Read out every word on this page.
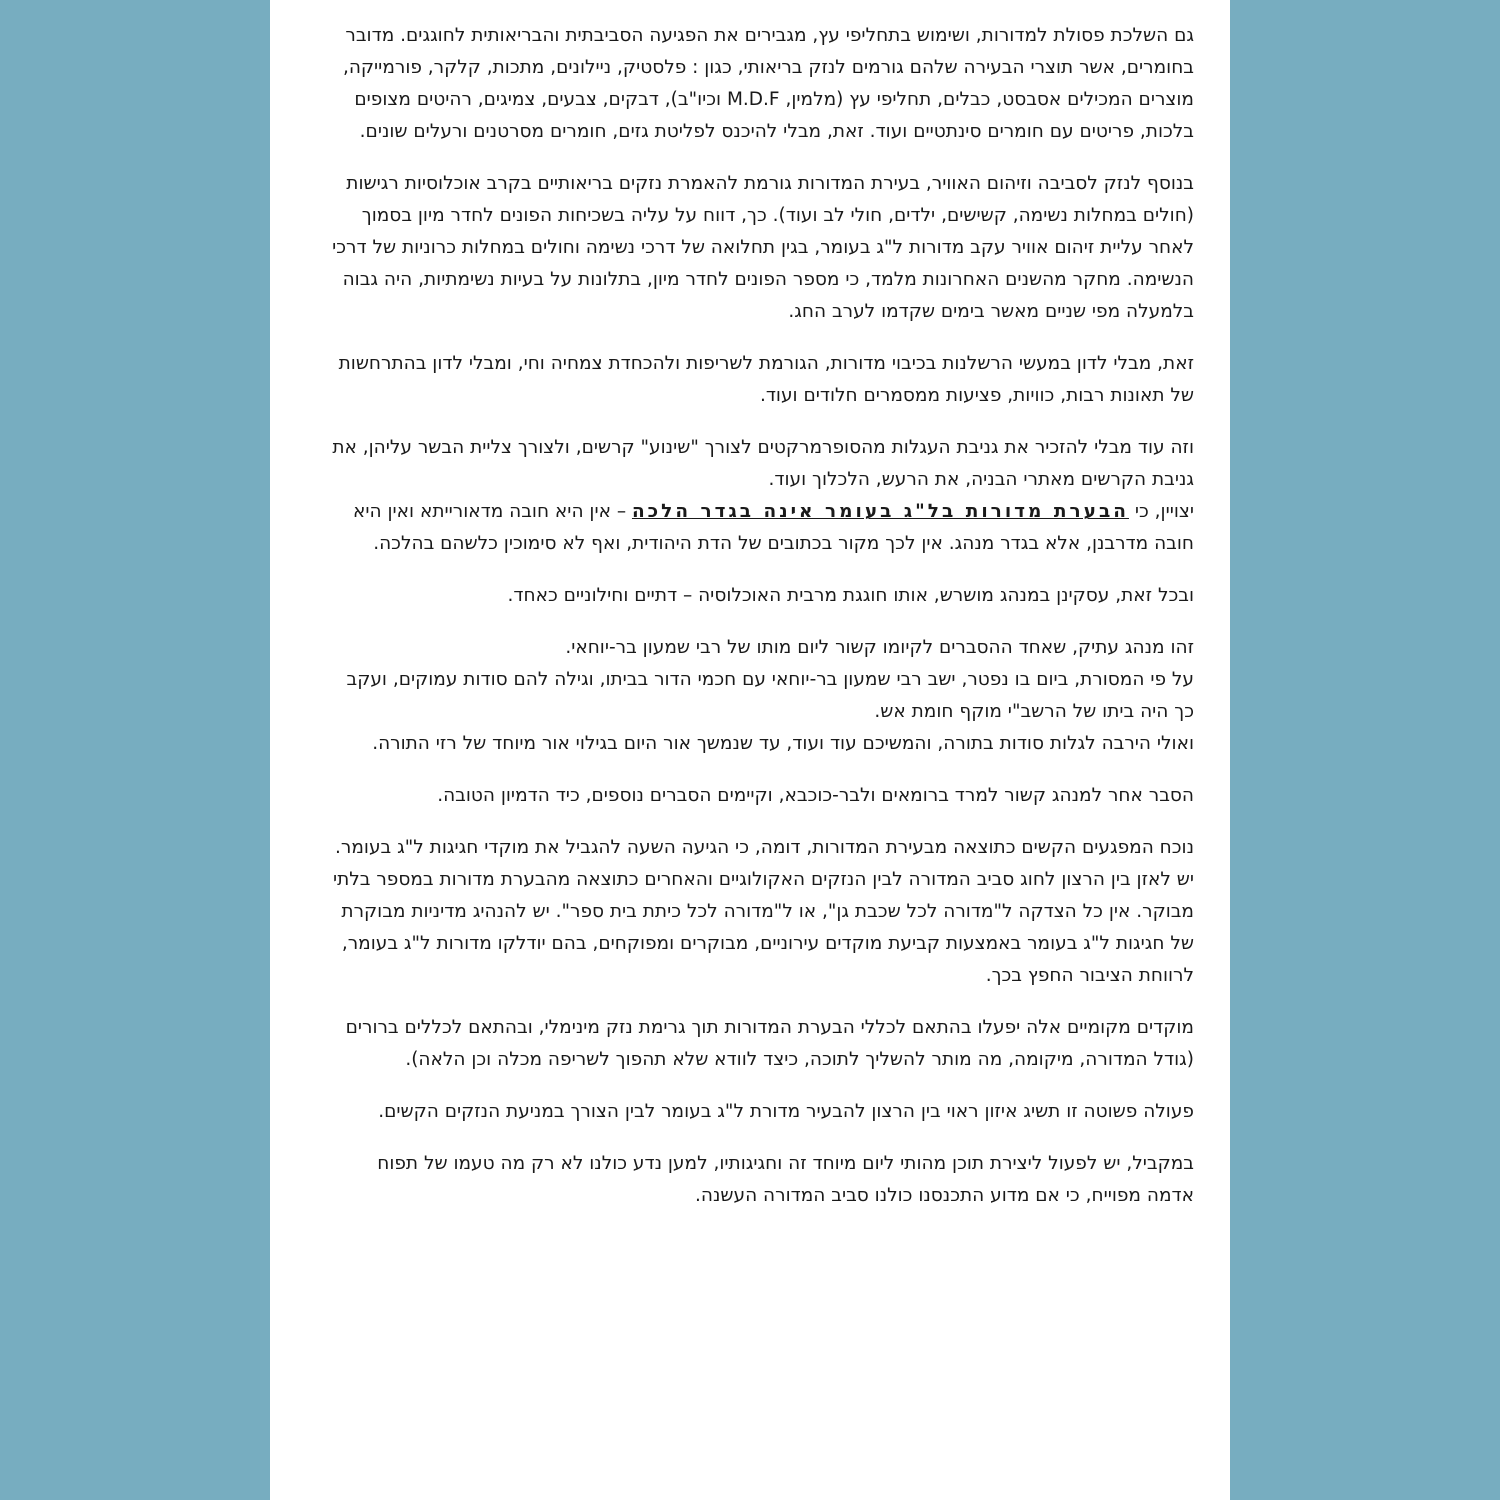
גם השלכת פסולת למדורות, ושימוש בתחליפי עץ, מגבירים את הפגיעה הסביבתית והבריאותית לחוגגים. מדובר בחומרים, אשר תוצרי הבעירה שלהם גורמים לנזק בריאותי, כגון : פלסטיק, ניילונים, מתכות, קלקר, פורמייקה, מוצרים המכילים אסבסט, כבלים, תחליפי עץ (מלמין, M.D.F וכיו"ב), דבקים, צבעים, צמיגים, רהיטים מצופים בלכות, פריטים עם חומרים סינתטיים ועוד. זאת, מבלי להיכנס לפליטת גזים, חומרים מסרטנים ורעלים שונים.

בנוסף לנזק לסביבה וזיהום האוויר, בעירת המדורות גורמת להאמרת נזקים בריאותיים בקרב אוכלוסיות רגישות (חולים במחלות נשימה, קשישים, ילדים, חולי לב ועוד). כך, דווח על עליה בשכיחות הפונים לחדר מיון בסמוך לאחר עליית זיהום אוויר עקב מדורות ל"ג בעומר, בגין תחלואה של דרכי נשימה וחולים במחלות כרוניות של דרכי הנשימה. מחקר מהשנים האחרונות מלמד, כי מספר הפונים לחדר מיון, בתלונות על בעיות נשימתיות, היה גבוה בלמעלה מפי שניים מאשר בימים שקדמו לערב החג.

זאת, מבלי לדון במעשי הרשלנות בכיבוי מדורות, הגורמת לשריפות ולהכחדת צמחיה וחי, ומבלי לדון בהתרחשות של תאונות רבות, כוויות, פציעות ממסמרים חלודים ועוד.

וזה עוד מבלי להזכיר את גניבת העגלות מהסופרמרקטים לצורך "שינוע" קרשים, ולצורך צליית הבשר עליהן, את גניבת הקרשים מאתרי הבניה, את הרעש, הלכלוך ועוד.

יצויין, כי הבערת מדורות בל"ג בעומר אינה בגדר הלכה – אין היא חובה מדאורייתא ואין היא חובה מדרבנן, אלא בגדר מנהג. אין לכך מקור בכתובים של הדת היהודית, ואף לא סימוכין כלשהם בהלכה.

ובכל זאת, עסקינן במנהג מושרש, אותו חוגגת מרבית האוכלוסיה – דתיים וחילוניים כאחד.

זהו מנהג עתיק, שאחד ההסברים לקיומו קשור ליום מותו של רבי שמעון בר-יוחאי.

על פי המסורת, ביום בו נפטר, ישב רבי שמעון בר-יוחאי עם חכמי הדור בביתו, וגילה להם סודות עמוקים, ועקב כך היה ביתו של הרשב"י מוקף חומת אש.

ואולי הירבה לגלות סודות בתורה, והמשיכם עוד ועוד, עד שנמשך אור היום בגילוי אור מיוחד של רזי התורה.

הסבר אחר למנהג קשור למרד ברומאים ולבר-כוכבא, וקיימים הסברים נוספים, כיד הדמיון הטובה.

נוכח המפגעים הקשים כתוצאה מבעירת המדורות, דומה, כי הגיעה השעה להגביל את מוקדי חגיגות ל"ג בעומר. יש לאזן בין הרצון לחוג סביב המדורה לבין הנזקים האקולוגיים והאחרים כתוצאה מהבערת מדורות במספר בלתי מבוקר. אין כל הצדקה ל"מדורה לכל שכבת גן", או ל"מדורה לכל כיתת בית ספר". יש להנהיג מדיניות מבוקרת של חגיגות ל"ג בעומר באמצעות קביעת מוקדים עירוניים, מבוקרים ומפוקחים, בהם יודלקו מדורות ל"ג בעומר, לרווחת הציבור החפץ בכך.

מוקדים מקומיים אלה יפעלו בהתאם לכללי הבערת המדורות תוך גרימת נזק מינימלי, ובהתאם לכללים ברורים (גודל המדורה, מיקומה, מה מותר להשליך לתוכה, כיצד לוודא שלא תהפוך לשריפה מכלה וכן הלאה).

פעולה פשוטה זו תשיג איזון ראוי בין הרצון להבעיר מדורת ל"ג בעומר לבין הצורך במניעת הנזקים הקשים.

במקביל, יש לפעול ליצירת תוכן מהותי ליום מיוחד זה וחגיגותיו, למען נדע כולנו לא רק מה טעמו של תפוח אדמה מפוייח, כי אם מדוע התכנסנו כולנו סביב המדורה העשנה.
